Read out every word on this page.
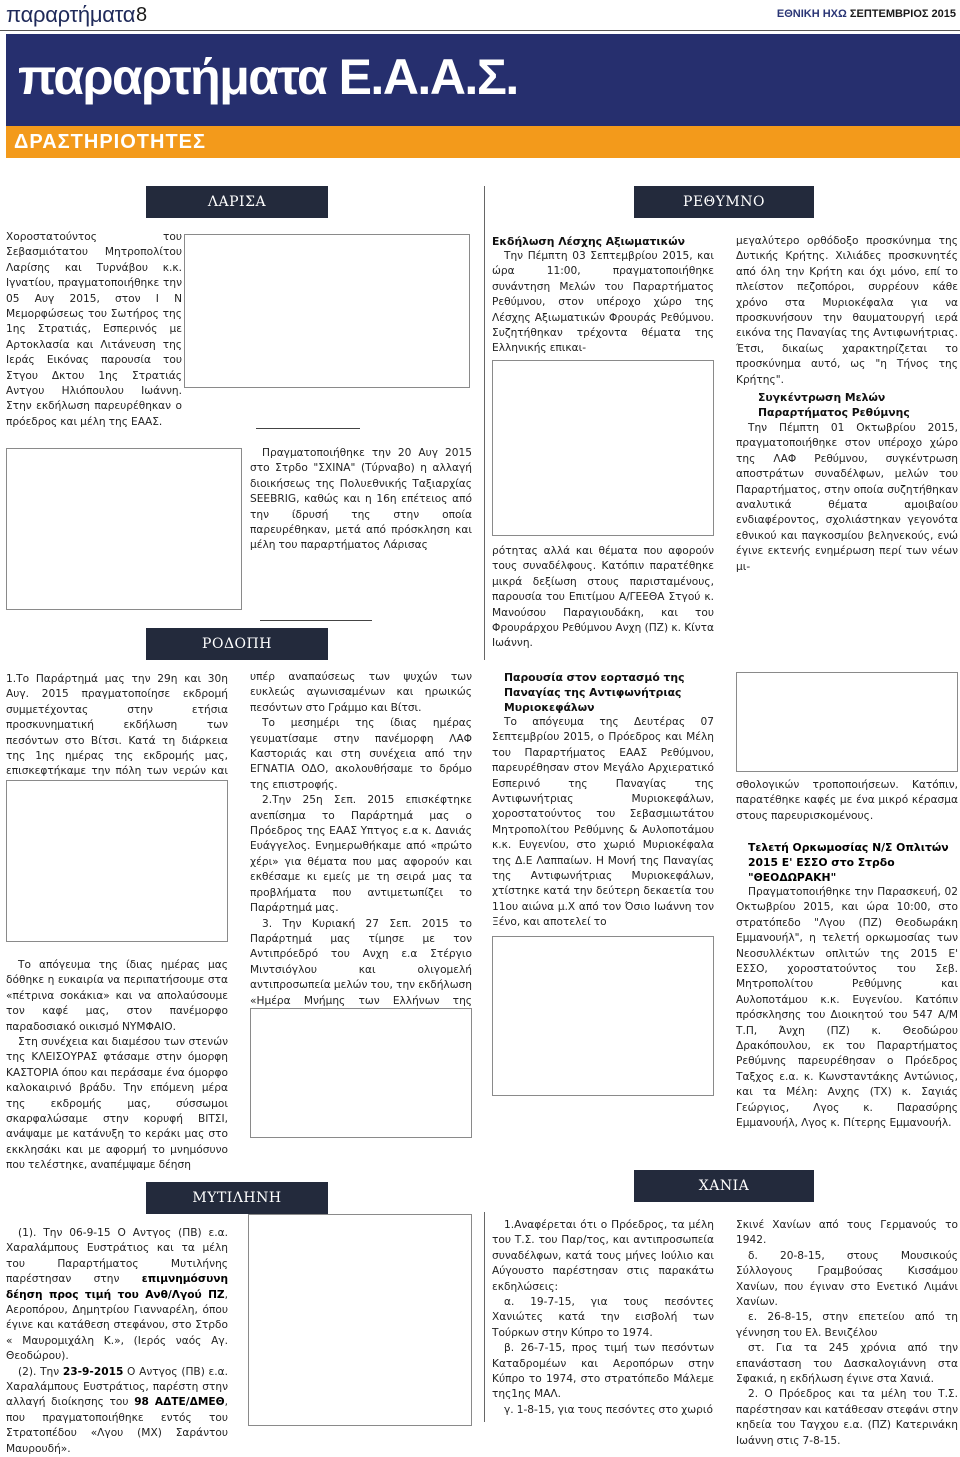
παραρτήματα 8	ΕΘΝΙΚΗ ΗΧΩ ΣΕΠΤΕΜΒΡΙΟΣ 2015
παραρτήματα Ε.Α.Α.Σ.
ΔΡΑΣΤΗΡΙΟΤΗΤΕΣ
ΛΑΡΙΣΑ

Χοροστατούντος του Σεβασμιότατου Μητροπολίτου Λαρίσης και Τυρνάβου κ.κ. Ιγνατίου, πραγματοποιήθηκε την 05 Αυγ 2015, στον Ι Ν Μεμορφώσεως του Σωτήρος της 1ης Στρατιάς, Εσπερινός με Αρτοκλασία και Λιτάνευση της Ιεράς Εικόνας παρουσία του Στγου Δκτου 1ης Στρατιάς Αντγου Ηλιόπουλου Ιωάννη. Στην εκδήλωση παρευρέθηκαν ο πρόεδρος και μέλη της ΕΑΑΣ.

Πραγματοποιήθηκε την 20 Αυγ 2015 στο Στρδο "ΣΧΙΝΑ" (Τύρναβο) η αλλαγή διοικήσεως της Πολυεθνικής Ταξιαρχίας SEEBRIG, καθώς και η 16η επέτειος από την ίδρυσή της στην οποία παρευρέθηκαν, μετά από πρόσκληση και μέλη του παραρτήματος Λάρισας

ΡΟΔΟΠΗ

1.Το Παράρτημά μας την 29η και 30η Αυγ. 2015 πραγματοποίησε εκδρομή συμμετέχοντας στην ετήσια προσκυνηματική εκδήλωση των πεσόντων στο Βίτσι. Κατά τη διάρκεια της 1ης ημέρας της εκδρομής μας, επισκεφτήκαμε την πόλη των νερών και

Το απόγευμα της ίδιας ημέρας μας δόθηκε η ευκαιρία να περιπατήσουμε στα «πέτρινα σοκάκια» και να απολαύσουμε τον καφέ μας, στον πανέμορφο παραδοσιακό οικισμό ΝΥΜΦΑΙΟ.

Στη συνέχεια και διαμέσου των στενών της ΚΛΕΙΣΟΥΡΑΣ φτάσαμε στην όμορφη ΚΑΣΤΟΡΙΑ όπου και περάσαμε ένα όμορφο καλοκαιρινό βράδυ. Την επόμενη μέρα της εκδρομής μας, σύσσωμοι σκαρφαλώσαμε στην κορυφή ΒΙΤΣΙ, ανάψαμε με κατάνυξη το κεράκι μας στο εκκλησάκι και με αφορμή το μνημόσυνο που τελέστηκε, αναπέμψαμε δέηση

υπέρ αναπαύσεως των ψυχών των ευκλεώς αγωνισαμένων και ηρωικώς πεσόντων στο Γράμμο και Βίτσι.

Το μεσημέρι της ίδιας ημέρας γευματίσαμε στην πανέμορφη ΛΑΦ Καστοριάς και στη συνέχεια από την ΕΓΝΑΤΙΑ ΟΔΟ, ακολουθήσαμε το δρόμο της επιστροφής.

2.Την 25η Σεπ. 2015 επισκέφτηκε ανεπίσημα το Παράρτημά μας ο Πρόεδρος της ΕΑΑΣ Υπτγος ε.α κ. Δανιάς Ευάγγελος. Ενημερωθήκαμε από «πρώτο χέρι» για θέματα που μας αφορούν και εκθέσαμε κι εμείς με τη σειρά μας τα προβλήματα που αντιμετωπίζει το Παράρτημά μας.

3. Την Κυριακή 27 Σεπ. 2015 το Παράρτημά μας τίμησε με τον Αντιπρόεδρό του Ανχη ε.α Στέργιο Μιντσιόγλου και ολιγομελή αντιπροσωπεία μελών του, την εκδήλωση «Ημέρα Μνήμης των Ελλήνων της

ΡΕΘΥΜΝΟ
Εκδήλωση Λέσχης Αξιωματικών

Την Πέμπτη 03 Σεπτεμβρίου 2015, και ώρα 11:00, πραγματοποιήθηκε συνάντηση Μελών του Παραρτήματος Ρεθύμνου, στον υπέροχο χώρο της Λέσχης Αξιωματικών Φρουράς Ρεθύμνου. Συζητήθηκαν τρέχοντα θέματα της Ελληνικής επικαι-

ρότητας αλλά και θέματα που αφορούν τους συναδέλφους. Κατόπιν παρατέθηκε μικρά δεξίωση στους παρισταμένους, παρουσία του Επιτίμου Α/ΓΕΕΘΑ Στγού κ. Μανούσου Παραγιουδάκη, και του Φρουράρχου Ρεθύμνου Ανχη (ΠΖ) κ. Κίντα Ιωάννη.

μεγαλύτερο ορθόδοξο προσκύνημα της Δυτικής Κρήτης. Χιλιάδες προσκυνητές από όλη την Κρήτη και όχι μόνο, επί το πλείστον πεζοπόροι, συρρέουν κάθε χρόνο στα Μυριοκέφαλα για να προσκυνήσουν την θαυματουργή ιερά εικόνα της Παναγίας της Αντιφωνήτριας. Έτσι, δικαίως χαρακτηρίζεται το προσκύνημα αυτό, ως "η Τήνος της Κρήτης".

Συγκέντρωση Μελών Παραρτήματος Ρεθύμνης

Την Πέμπτη 01 Οκτωβρίου 2015, πραγματοποιήθηκε στον υπέροχο χώρο της ΛΑΦ Ρεθύμνου, συγκέντρωση αποστράτων συναδέλφων, μελών του Παραρτήματος, στην οποία συζητήθηκαν αναλυτικά θέματα αμοιβαίου ενδιαφέροντος, σχολιάστηκαν γεγονότα εθνικού και παγκοσμίου βεληνεκούς, ενώ έγινε εκτενής ενημέρωση περί των νέων μι-

Παρουσία στον εορτασμό της Παναγίας της Αντιφωνήτριας Μυριοκεφάλων

Το απόγευμα της Δευτέρας 07 Σεπτεμβρίου 2015, ο Πρόεδρος και Μέλη του Παραρτήματος ΕΑΑΣ Ρεθύμνου, παρευρέθησαν στον Μεγάλο Αρχιερατικό Εσπερινό της Παναγίας της Αντιφωνήτριας Μυριοκεφάλων, χοροστατούντος του Σεβασμιωτάτου Μητροπολίτου Ρεθύμνης & Αυλοποτάμου κ.κ. Ευγενίου, στο χωριό Μυριοκέφαλα της Δ.Ε Λαππαίων. Η Μονή της Παναγίας της Αντιφωνήτριας Μυριοκεφάλων, χτίστηκε κατά την δεύτερη δεκαετία του 11ου αιώνα μ.Χ από τον Όσιο Ιωάννη τον Ξένο, και αποτελεί το

σθολογικών τροποποιήσεων. Κατόπιν, παρατέθηκε καφές με ένα μικρό κέρασμα στους παρευρισκομένους.

Τελετή Ορκωμοσίας Ν/Σ Οπλιτών 2015 Ε' ΕΣΣΟ στο Στρδο "ΘΕΟΔΩΡΑΚΗ"

Πραγματοποιήθηκε την Παρασκευή, 02 Οκτωβρίου 2015, και ώρα 10:00, στο στρατόπεδο "Λγου (ΠΖ) Θεοδωράκη Εμμανουήλ", η τελετή ορκωμοσίας των Νεοσυλλέκτων οπλιτών της 2015 Ε' ΕΣΣΟ, χοροστατούντος του Σεβ. Μητροπολίτου Ρεθύμνης και Αυλοποτάμου κ.κ. Ευγενίου. Κατόπιν πρόσκλησης του Διοικητού του 547 Α/Μ Τ.Π, Άνχη (ΠΖ) κ. Θεοδώρου Δρακόπουλου, εκ του Παραρτήματος Ρεθύμνης παρευρέθησαν ο Πρόεδρος Ταξχος ε.α. κ. Κωνσταντάκης Αντώνιος, και τα Μέλη: Ανχης (ΤΧ) κ. Σαγιάς Γεώργιος, Λγος κ. Παρασύρης Εμμανουήλ, Λγος κ. Πίτερης Εμμανουήλ.

ΜΥΤΙΛΗΝΗ

(1). Την 06-9-15 Ο Αντγος (ΠΒ) ε.α. Χαραλάμπους Ευστράτιος και τα μέλη του Παραρτήματος Μυτιλήνης παρέστησαν στην επιμνημόσυνη δέηση προς τιμή του Ανθ/Λγού ΠΖ, Αεροπόρου, Δημητρίου Γιανναρέλη, όπου έγινε και κατάθεση στεφάνου, στο Στρδο « Μαυρομιχάλη Κ.», (Ιερός ναός Αγ. Θεοδώρου).

(2). Την 23-9-2015 Ο Αντγος (ΠΒ) ε.α. Χαραλάμπους Ευστράτιος, παρέστη στην αλλαγή διοίκησης του 98 ΑΔΤΕ/ΔΜΕΘ, που πραγματοποιήθηκε εντός του Στρατοπέδου «Λγου (ΜΧ) Σαράντου Μαυρουδή».

ΧΑΝΙΑ

1.Αναφέρεται ότι ο Πρόεδρος, τα μέλη του Τ.Σ. του Παρ/τος, και αντιπροσωπεία συναδέλφων, κατά τους μήνες Ιούλιο και Αύγουστο παρέστησαν στις παρακάτω εκδηλώσεις:

α. 19-7-15, για τους πεσόντες Χανιώτες κατά την εισβολή των Τούρκων στην Κύπρο το 1974.

β. 26-7-15, προς τιμή των πεσόντων Καταδρομέων και Αεροπόρων στην Κύπρο το 1974, στο στρατόπεδο Μάλεμε της1ης ΜΑΛ.

γ. 1-8-15, για τους πεσόντες στο χωριό

Σκινέ Χανίων από τους Γερμανούς το 1942.

δ. 20-8-15, στους Μουσικούς Σύλλογους Γραμβούσας Κισσάμου Χανίων, που έγιναν στο Ενετικό Λιμάνι Χανίων.

ε. 26-8-15, στην επετείου από τη γέννηση του Ελ. Βενιζέλου

στ. Για τα 245 χρόνια από την επανάσταση του Δασκαλογιάννη στα Σφακιά, η εκδήλωση έγινε στα Χανιά.

2. Ο Πρόεδρος και τα μέλη του Τ.Σ. παρέστησαν και κατάθεσαν στεφάνι στην κηδεία του Ταγχου ε.α. (ΠΖ) Κατερινάκη Ιωάννη στις 7-8-15.
